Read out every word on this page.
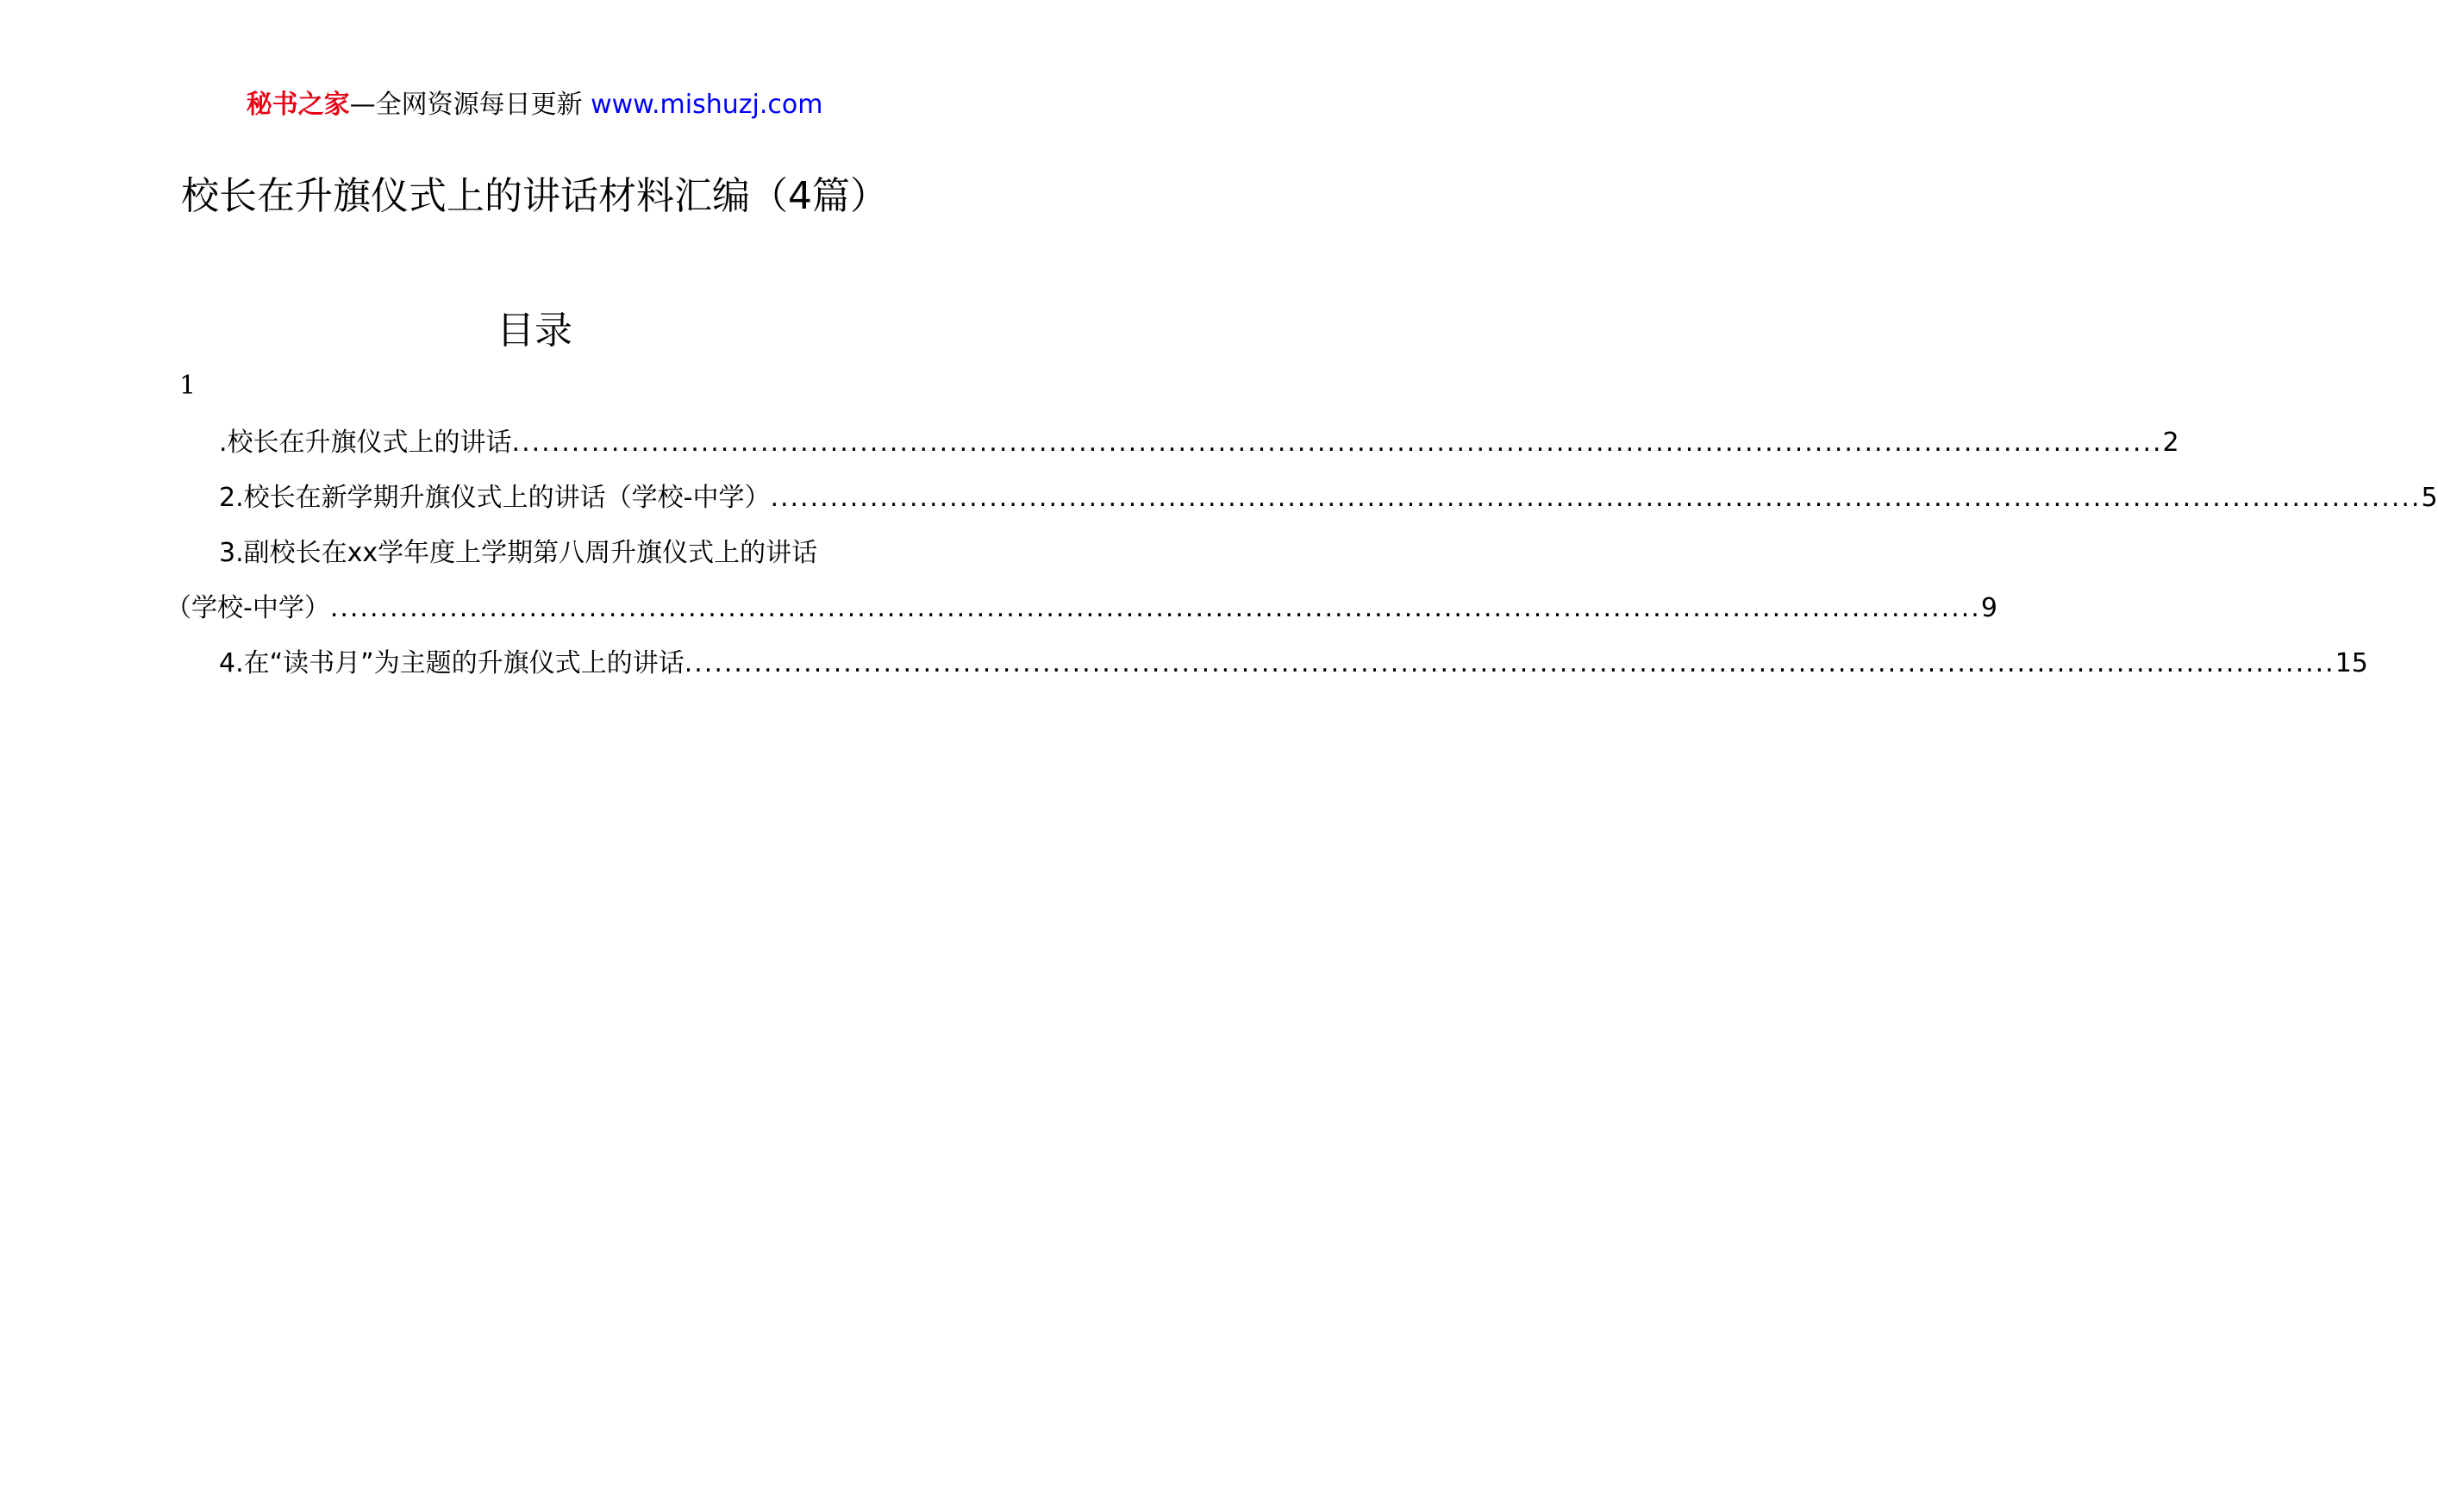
秘书之家—全网资源每日更新 www.mishuzj.com
校长在升旗仪式上的讲话材料汇编（4篇）
目录
1
.校长在升旗仪式上的讲话 ...................................................................................................................................................................... 2
2.校长在新学期升旗仪式上的讲话（学校-中学） ...................................................................................................................................................................... 5
3.副校长在xx学年度上学期第八周升旗仪式上的讲话
（学校-中学） ...................................................................................................................................................................... 9
4.在“读书月”为主题的升旗仪式上的讲话 ...................................................................................................................................................................... 15
